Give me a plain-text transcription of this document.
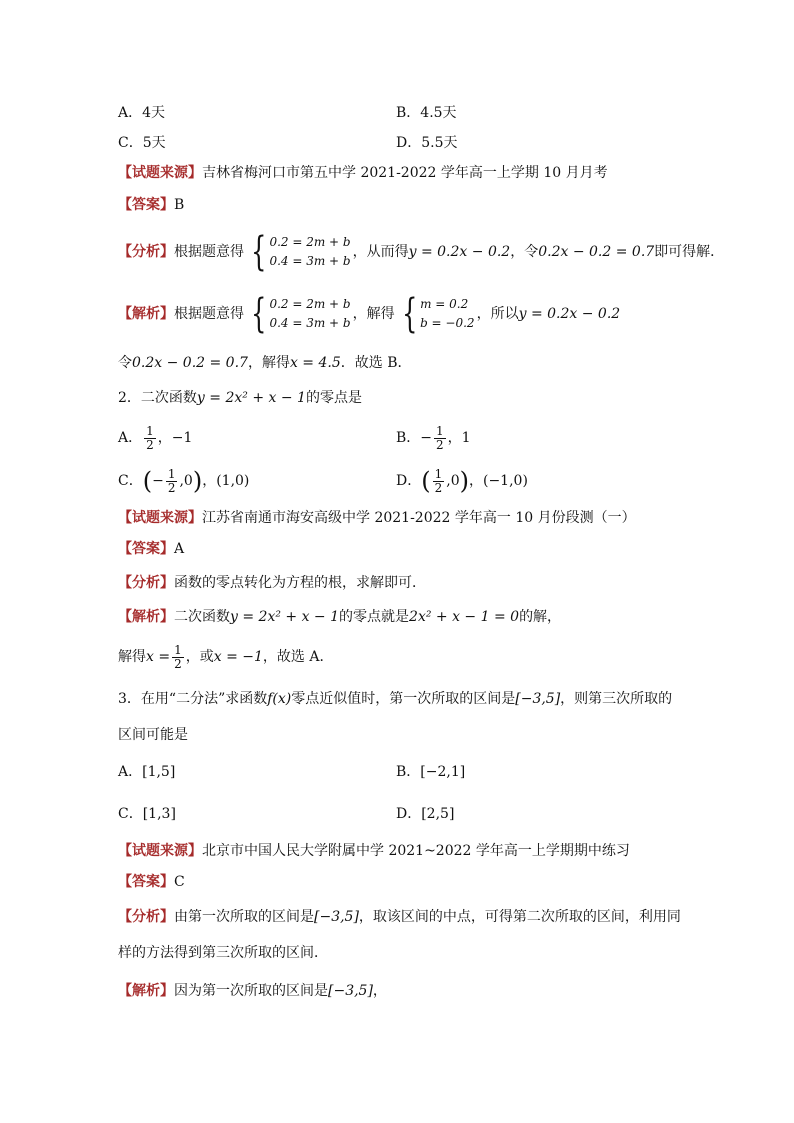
A．4天	B．4.5天
C．5天	D．5.5天
【试题来源】吉林省梅河口市第五中学 2021-2022 学年高一上学期 10 月月考
【答案】B
【分析】根据题意得 { 0.2 = 2m + b
0.4 = 3m + b
，从而得y = 0.2x − 0.2，令0.2x − 0.2 = 0.7即可得解．
【解析】根据题意得 { 0.2 = 2m + b
0.4 = 3m + b
，解得 { m = 0.2
b = −0.2
，所以y = 0.2x − 0.2
令0.2x − 0.2 = 0.7，解得x = 4.5．故选 B．
2．二次函数y = 2x² + x − 1的零点是
A． $\frac{1}{2}$ ，−1	B．− $\frac{1}{2}$ ，1
C．(− $\frac{1}{2} ,0$)，(1,0)	D．( $\frac{1}{2} ,0$)，(−1,0)
【试题来源】江苏省南通市海安高级中学 2021-2022 学年高一 10 月份段测（一）
【答案】A
【分析】函数的零点转化为方程的根，求解即可．
【解析】二次函数y = 2x² + x − 1的零点就是2x² + x − 1 = 0的解，
解得$x = \frac{1}{2}$ ，或x = −1，故选 A．
3．在用“二分法”求函数f(x)零点近似值时，第一次所取的区间是[−3,5]，则第三次所取的
区间可能是
A．[1,5]	B．[−2,1]
C．[1,3]	D．[2,5]
【试题来源】北京市中国人民大学附属中学 2021~2022 学年高一上学期期中练习
【答案】C
【分析】由第一次所取的区间是[−3,5]，取该区间的中点，可得第二次所取的区间，利用同
样的方法得到第三次所取的区间．
【解析】因为第一次所取的区间是[−3,5]，
